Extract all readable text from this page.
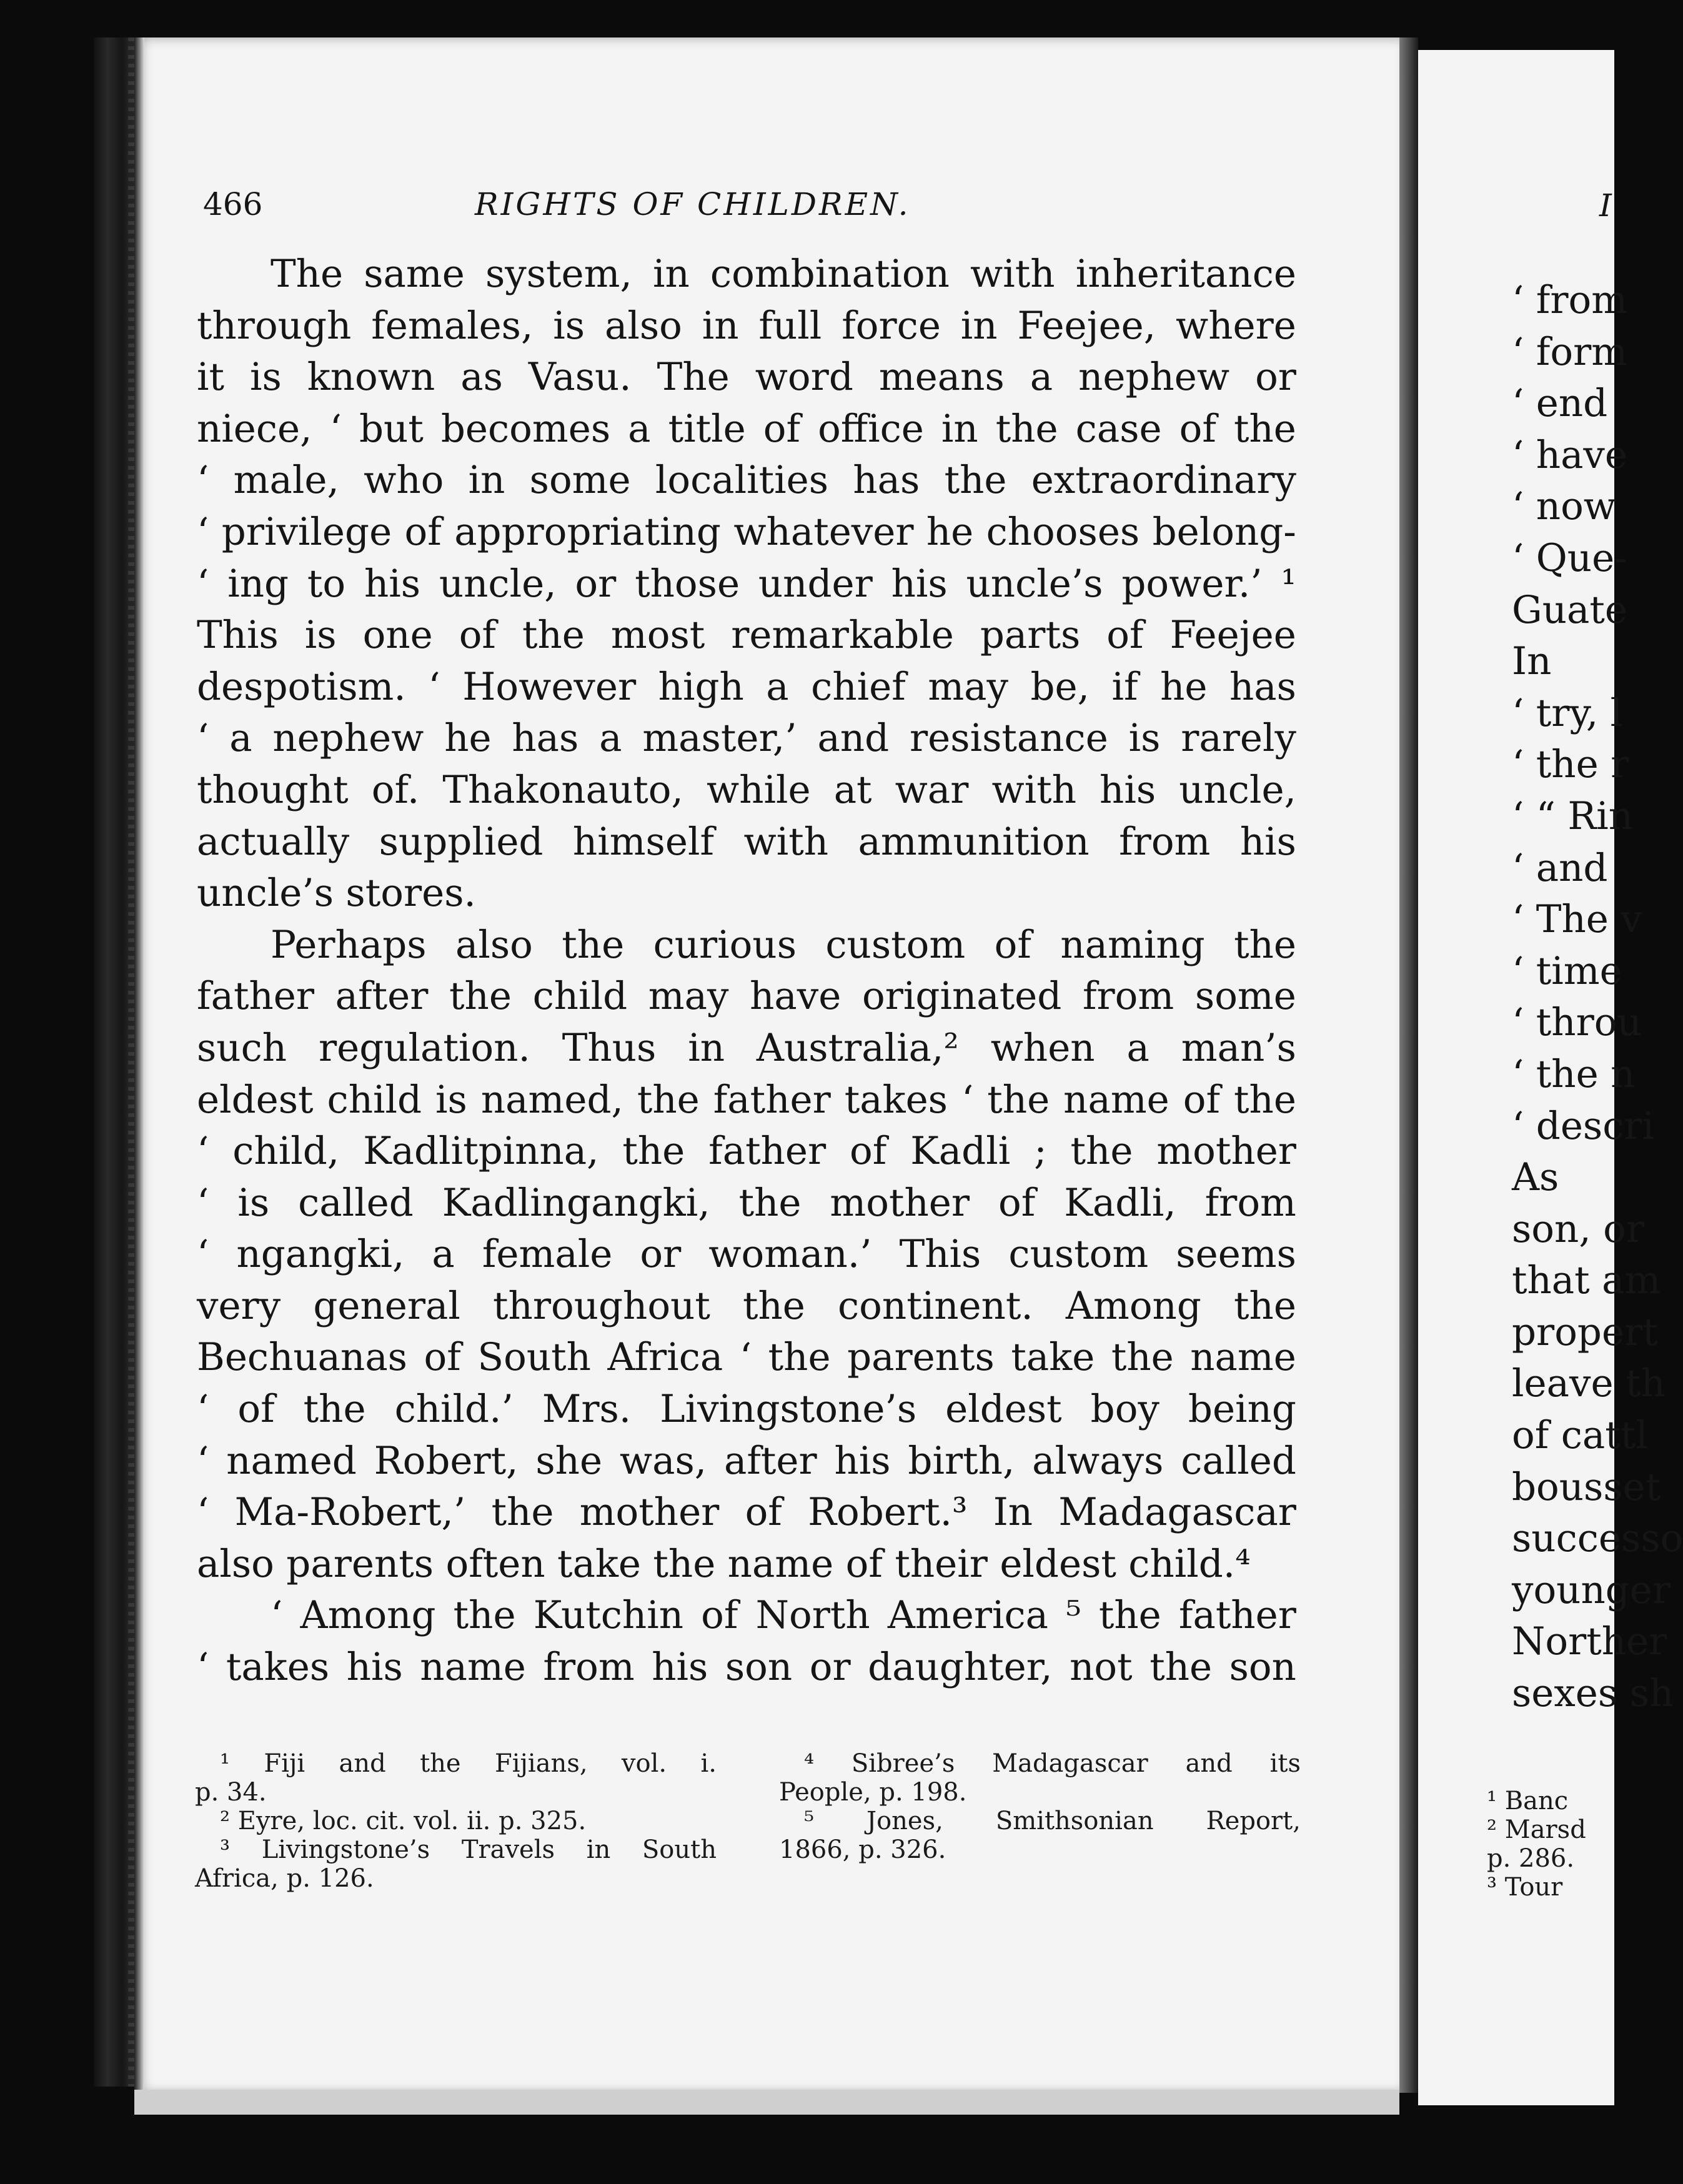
466	RIGHTS OF CHILDREN.
The same system, in combination with inheritance
through females, is also in full force in Feejee, where
it is known as Vasu. The word means a nephew or
niece, ‘ but becomes a title of office in the case of the
‘ male, who in some localities has the extraordinary
‘ privilege of appropriating whatever he chooses belong-
‘ ing to his uncle, or those under his uncle’s power.’ ¹
This is one of the most remarkable parts of Feejee
despotism. ‘ However high a chief may be, if he has
‘ a nephew he has a master,’ and resistance is rarely
thought of. Thakonauto, while at war with his uncle,
actually supplied himself with ammunition from his
uncle’s stores.
Perhaps also the curious custom of naming the
father after the child may have originated from some
such regulation. Thus in Australia,² when a man’s
eldest child is named, the father takes ‘ the name of the
‘ child, Kadlitpinna, the father of Kadli ; the mother
‘ is called Kadlingangki, the mother of Kadli, from
‘ ngangki, a female or woman.’ This custom seems
very general throughout the continent. Among the
Bechuanas of South Africa ‘ the parents take the name
‘ of the child.’ Mrs. Livingstone’s eldest boy being
‘ named Robert, she was, after his birth, always called
‘ Ma-Robert,’ the mother of Robert.³ In Madagascar
also parents often take the name of their eldest child.⁴
‘ Among the Kutchin of North America ⁵ the father
‘ takes his name from his son or daughter, not the son
¹ Fiji and the Fijians, vol. i.
p. 34.
² Eyre, loc. cit. vol. ii. p. 325.
³ Livingstone’s Travels in South
Africa, p. 126.
⁴ Sibree’s Madagascar and its
People, p. 198.
⁵ Jones, Smithsonian Report,
1866, p. 326.
I
‘ from
‘ form
‘ end
‘ have
‘ now
‘ Que-
Guate
In
‘ try, l
‘ the r
‘ “ Rin
‘ and
‘ The v
‘ time
‘ throu
‘ the n
‘ descri
As
son, or
that am
propert
leave th
of cattl
bousset
successo
younger
Norther
sexes sh
¹ Banc
² Marsd
p. 286.
³ Tour
